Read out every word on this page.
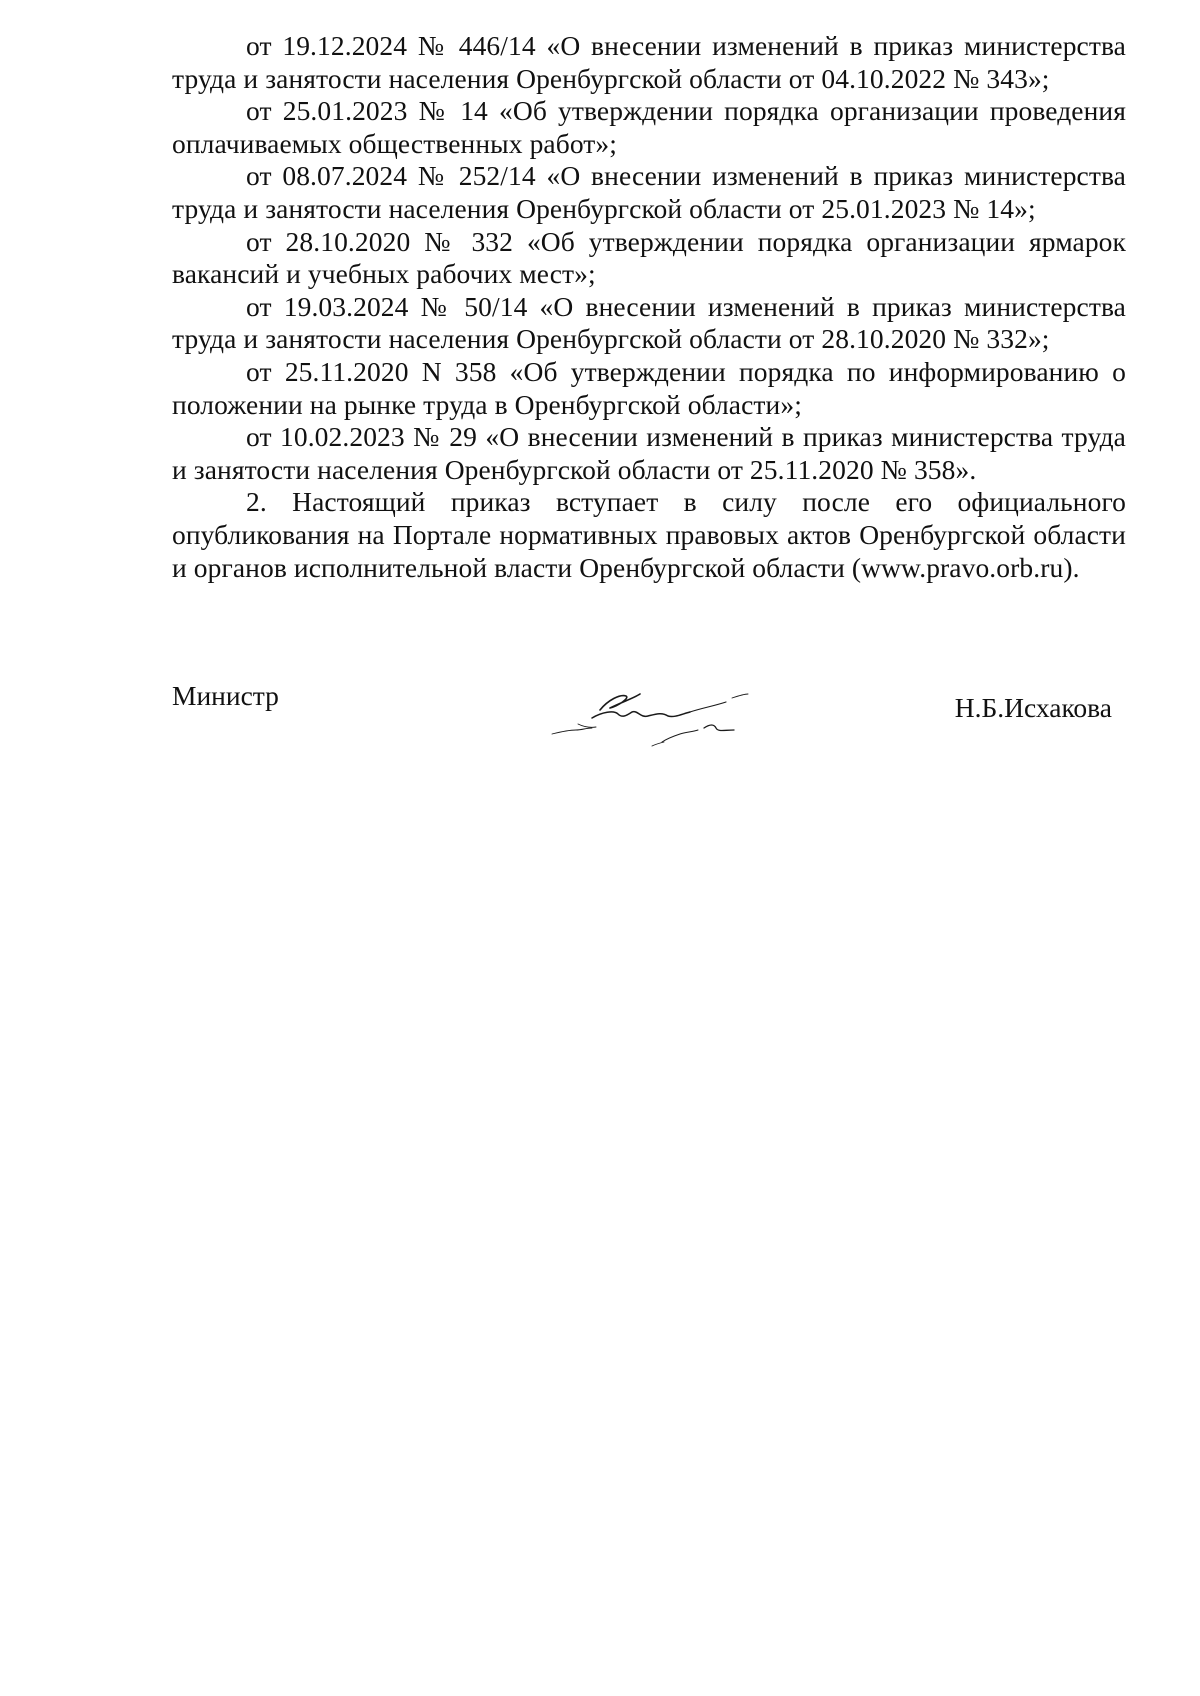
от 19.12.2024 № 446/14 «О внесении изменений в приказ министерства труда и занятости населения Оренбургской области от 04.10.2022 № 343»;

от 25.01.2023 № 14 «Об утверждении порядка организации проведения оплачиваемых общественных работ»;

от 08.07.2024 № 252/14 «О внесении изменений в приказ министерства труда и занятости населения Оренбургской области от 25.01.2023 № 14»;

от 28.10.2020 № 332 «Об утверждении порядка организации ярмарок вакансий и учебных рабочих мест»;

от 19.03.2024 № 50/14 «О внесении изменений в приказ министерства труда и занятости населения Оренбургской области от 28.10.2020 № 332»;

от 25.11.2020 N 358 «Об утверждении порядка по информированию о положении на рынке труда в Оренбургской области»;

от 10.02.2023 № 29 «О внесении изменений в приказ министерства труда и занятости населения Оренбургской области от 25.11.2020 № 358».

2. Настоящий приказ вступает в силу после его официального опубликования на Портале нормативных правовых актов Оренбургской области и органов исполнительной власти Оренбургской области (www.pravo.orb.ru).

Министр	Н.Б.Исхакова
